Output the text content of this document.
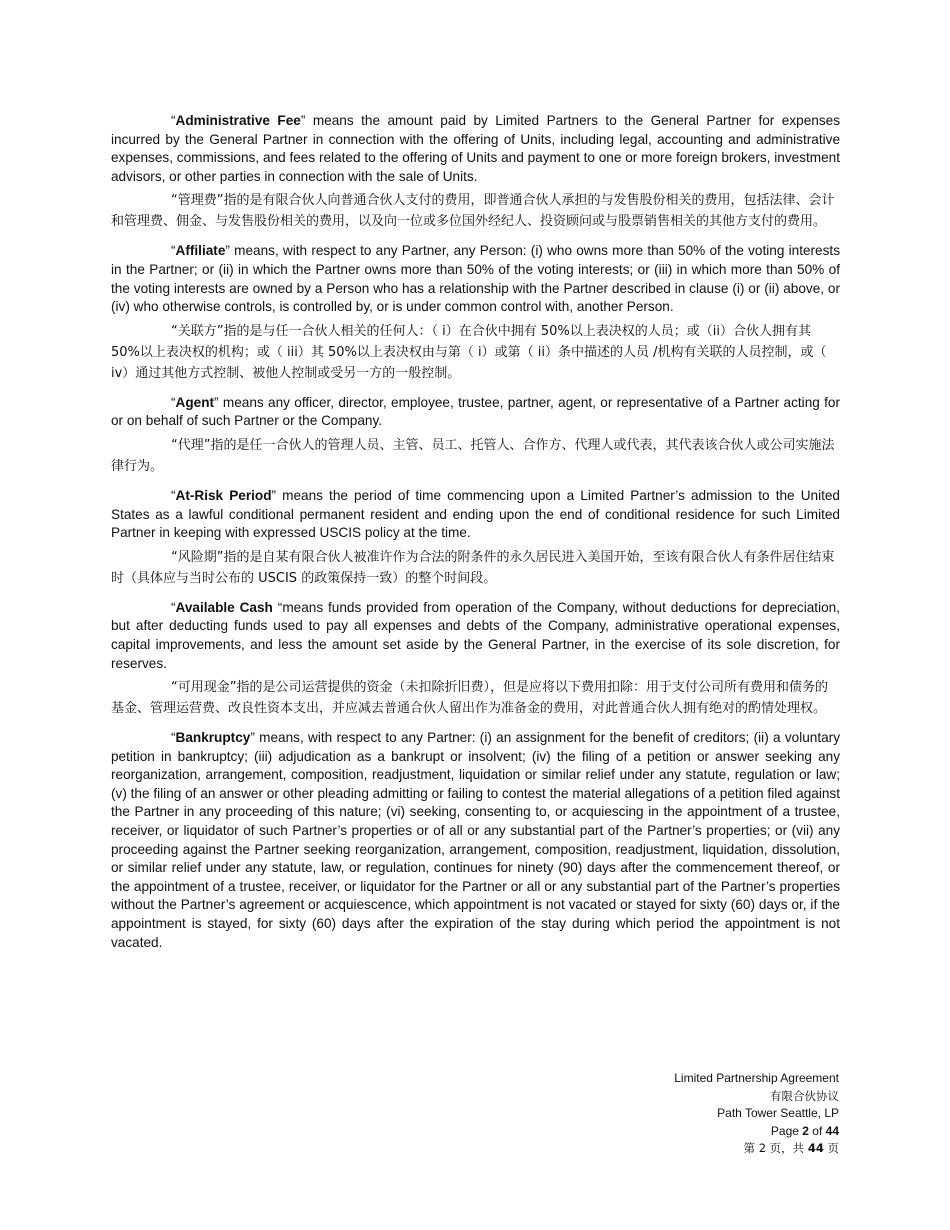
“Administrative Fee” means the amount paid by Limited Partners to the General Partner for expenses incurred by the General Partner in connection with the offering of Units, including legal, accounting and administrative expenses, commissions, and fees related to the offering of Units and payment to one or more foreign brokers, investment advisors, or other parties in connection with the sale of Units.

“管理费”指的是有限合伙人向普通合伙人支付的费用，即普通合伙人承担的与发售股份相关的费用，包括法律、会计和管理费、佣金、与发售股份相关的费用，以及向一位或多位国外经纪人、投资顾问或与股票销售相关的其他方支付的费用。

“Affiliate” means, with respect to any Partner, any Person: (i) who owns more than 50% of the voting interests in the Partner; or (ii) in which the Partner owns more than 50% of the voting interests; or (iii) in which more than 50% of the voting interests are owned by a Person who has a relationship with the Partner described in clause (i) or (ii) above, or (iv) who otherwise controls, is controlled by, or is under common control with, another Person.

“关联方”指的是与任一合伙人相关的任何人：（ i）在合伙中拥有 50%以上表决权的人员；或（ii）合伙人拥有其 50%以上表决权的机构；或（ iii）其 50%以上表决权由与第（ i）或第（ ii）条中描述的人员 /机构有关联的人员控制，或（ iv）通过其他方式控制、被他人控制或受另一方的一般控制。

“Agent” means any officer, director, employee, trustee, partner, agent, or representative of a Partner acting for or on behalf of such Partner or the Company.

“代理”指的是任一合伙人的管理人员、主管、员工、托管人、合作方、代理人或代表，其代表该合伙人或公司实施法律行为。

“At-Risk Period” means the period of time commencing upon a Limited Partner’s admission to the United States as a lawful conditional permanent resident and ending upon the end of conditional residence for such Limited Partner in keeping with expressed USCIS policy at the time.

“风险期”指的是自某有限合伙人被准许作为合法的附条件的永久居民进入美国开始，至该有限合伙人有条件居住结束时（具体应与当时公布的 USCIS 的政策保持一致）的整个时间段。

“Available Cash “means funds provided from operation of the Company, without deductions for depreciation, but after deducting funds used to pay all expenses and debts of the Company, administrative operational expenses, capital improvements, and less the amount set aside by the General Partner, in the exercise of its sole discretion, for reserves.

“可用现金”指的是公司运营提供的资金（未扣除折旧费），但是应将以下费用扣除：用于支付公司所有费用和债务的基金、管理运营费、改良性资本支出，并应减去普通合伙人留出作为准备金的费用，对此普通合伙人拥有绝对的酌情处理权。

“Bankruptcy” means, with respect to any Partner: (i) an assignment for the benefit of creditors; (ii) a voluntary petition in bankruptcy; (iii) adjudication as a bankrupt or insolvent; (iv) the filing of a petition or answer seeking any reorganization, arrangement, composition, readjustment, liquidation or similar relief under any statute, regulation or law; (v) the filing of an answer or other pleading admitting or failing to contest the material allegations of a petition filed against the Partner in any proceeding of this nature; (vi) seeking, consenting to, or acquiescing in the appointment of a trustee, receiver, or liquidator of such Partner’s properties or of all or any substantial part of the Partner’s properties; or (vii) any proceeding against the Partner seeking reorganization, arrangement, composition, readjustment, liquidation, dissolution, or similar relief under any statute, law, or regulation, continues for ninety (90) days after the commencement thereof, or the appointment of a trustee, receiver, or liquidator for the Partner or all or any substantial part of the Partner’s properties without the Partner’s agreement or acquiescence, which appointment is not vacated or stayed for sixty (60) days or, if the appointment is stayed, for sixty (60) days after the expiration of the stay during which period the appointment is not vacated.

Limited Partnership Agreement
有限合伙协议
Path Tower Seattle, LP
Page 2 of 44
第 2 页，共 44 页
